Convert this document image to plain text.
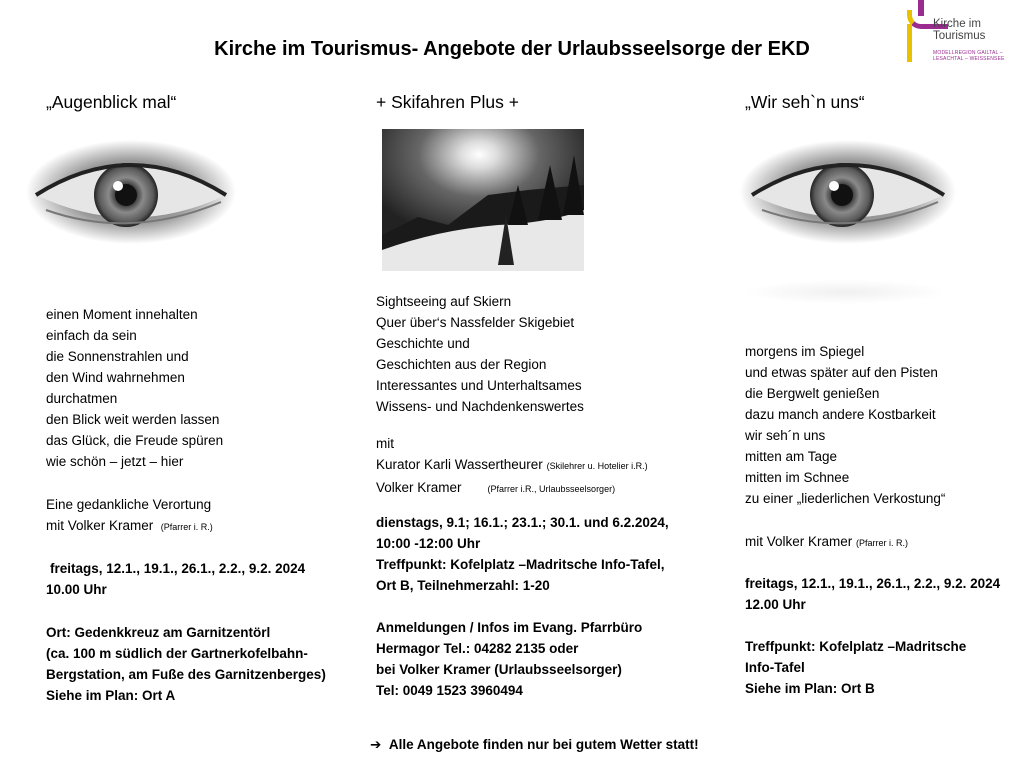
Kirche im Tourismus- Angebote der Urlaubsseelsorge der EKD
Kirche im
Tourismus
MODELLREGION GAILTAL –
LESACHTAL – WEISSENSEE
„Augenblick mal“
einen Moment innehalten
einfach da sein
die Sonnenstrahlen und
den Wind wahrnehmen
durchatmen
den Blick weit werden lassen
das Glück, die Freude spüren
wie schön – jetzt – hier
Eine gedankliche Verortung
mit Volker Kramer (Pfarrer i. R.)
freitags, 12.1., 19.1., 26.1., 2.2., 9.2. 2024
10.00 Uhr
Ort: Gedenkkreuz am Garnitzentörl
(ca. 100 m südlich der Gartnerkofelbahn-
Bergstation, am Fuße des Garnitzenberges)
Siehe im Plan: Ort A
+ Skifahren Plus +
Sightseeing auf Skiern
Quer über‘s Nassfelder Skigebiet
Geschichte und
Geschichten aus der Region
Interessantes und Unterhaltsames
Wissens- und Nachdenkenswertes
mit
Kurator Karli Wassertheurer (Skilehrer u. Hotelier i.R.)
Volker Kramer	(Pfarrer i.R., Urlaubsseelsorger)
dienstags, 9.1; 16.1.; 23.1.; 30.1. und 6.2.2024,
10:00 -12:00 Uhr
Treffpunkt: Kofelplatz –Madritsche Info-Tafel,
Ort B, Teilnehmerzahl: 1-20
Anmeldungen / Infos im Evang. Pfarrbüro
Hermagor Tel.: 04282 2135 oder
bei Volker Kramer (Urlaubsseelsorger)
Tel: 0049 1523 3960494
„Wir seh`n uns“
morgens im Spiegel
und etwas später auf den Pisten
die Bergwelt genießen
dazu manch andere Kostbarkeit
wir seh´n uns
mitten am Tage
mitten im Schnee
zu einer „liederlichen Verkostung“
mit Volker Kramer (Pfarrer i. R.)
freitags, 12.1., 19.1., 26.1., 2.2., 9.2. 2024
12.00 Uhr
Treffpunkt: Kofelplatz –Madritsche
Info-Tafel
Siehe im Plan: Ort B
➔ Alle Angebote finden nur bei gutem Wetter statt!
